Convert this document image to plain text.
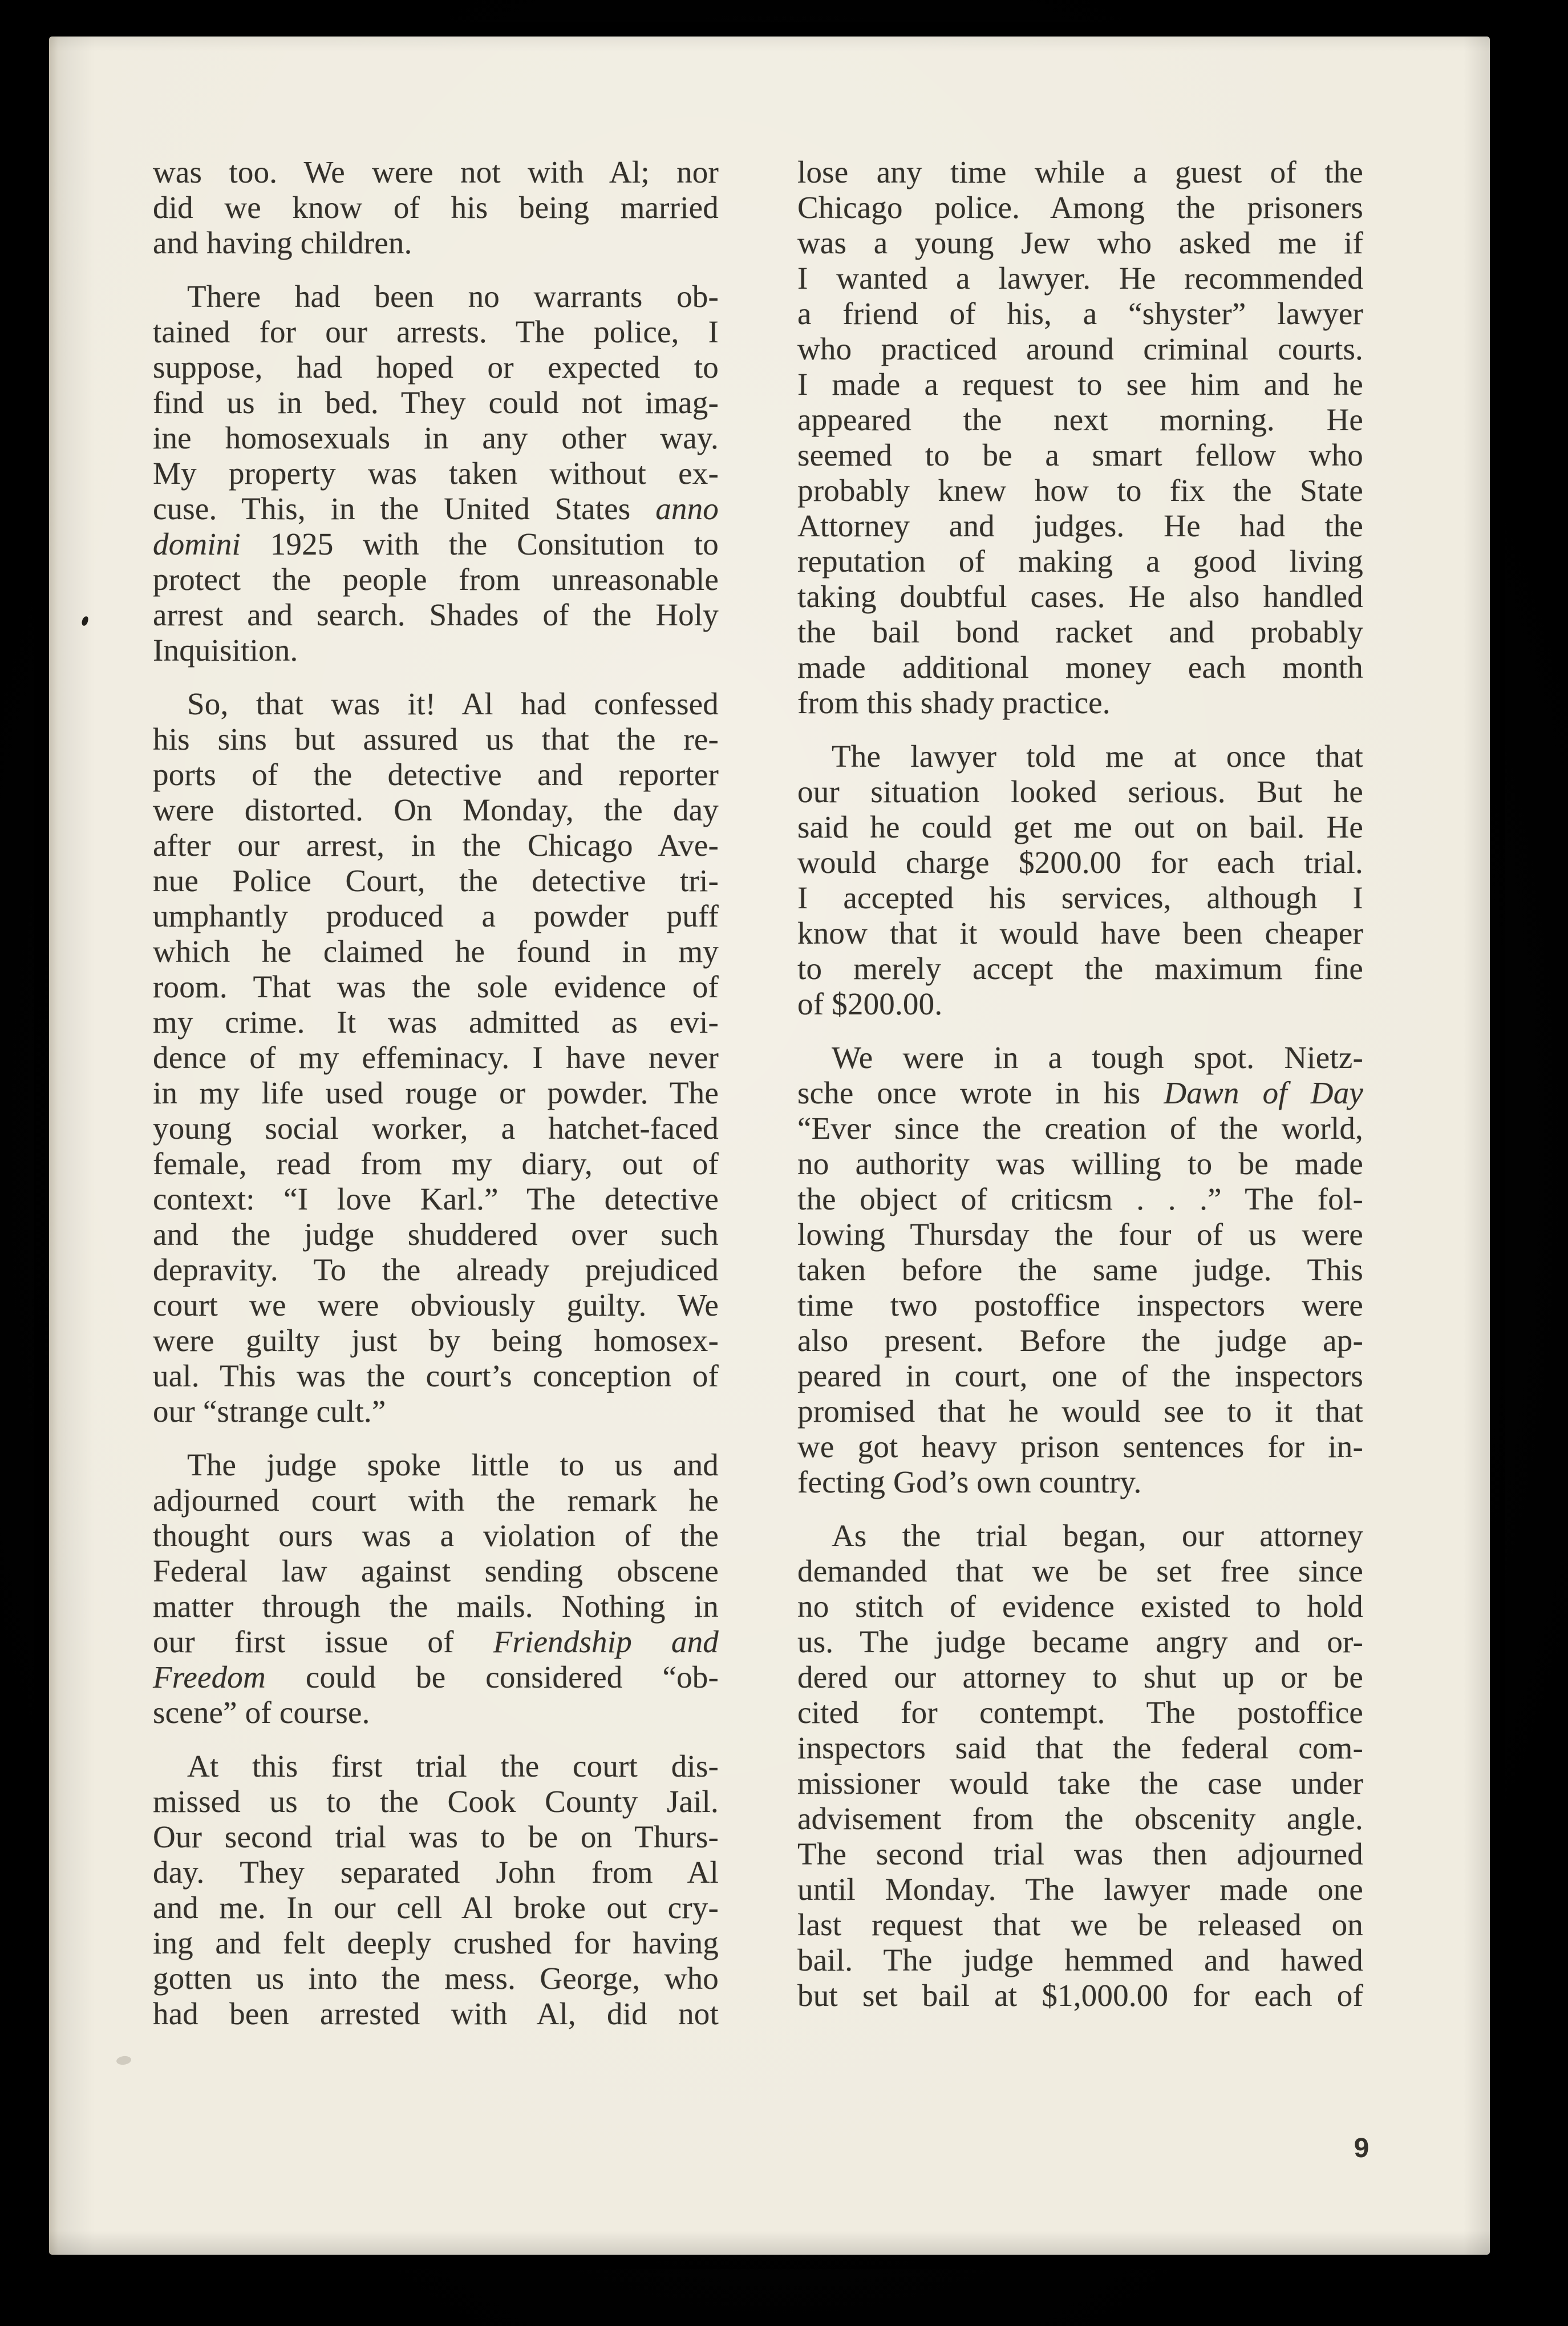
was too. We were not with Al; nor
did we know of his being married
and having children.
There had been no warrants ob-
tained for our arrests. The police, I
suppose, had hoped or expected to
find us in bed. They could not imag-
ine homosexuals in any other way.
My property was taken without ex-
cuse. This, in the United States anno
domini 1925 with the Consitution to
protect the people from unreasonable
arrest and search. Shades of the Holy
Inquisition.
So, that was it! Al had confessed
his sins but assured us that the re-
ports of the detective and reporter
were distorted. On Monday, the day
after our arrest, in the Chicago Ave-
nue Police Court, the detective tri-
umphantly produced a powder puff
which he claimed he found in my
room. That was the sole evidence of
my crime. It was admitted as evi-
dence of my effeminacy. I have never
in my life used rouge or powder. The
young social worker, a hatchet-faced
female, read from my diary, out of
context: “I love Karl.” The detective
and the judge shuddered over such
depravity. To the already prejudiced
court we were obviously guilty. We
were guilty just by being homosex-
ual. This was the court’s conception of
our “strange cult.”
The judge spoke little to us and
adjourned court with the remark he
thought ours was a violation of the
Federal law against sending obscene
matter through the mails. Nothing in
our first issue of Friendship and
Freedom could be considered “ob-
scene” of course.
At this first trial the court dis-
missed us to the Cook County Jail.
Our second trial was to be on Thurs-
day. They separated John from Al
and me. In our cell Al broke out cry-
ing and felt deeply crushed for having
gotten us into the mess. George, who
had been arrested with Al, did not
lose any time while a guest of the
Chicago police. Among the prisoners
was a young Jew who asked me if
I wanted a lawyer. He recommended
a friend of his, a “shyster” lawyer
who practiced around criminal courts.
I made a request to see him and he
appeared the next morning. He
seemed to be a smart fellow who
probably knew how to fix the State
Attorney and judges. He had the
reputation of making a good living
taking doubtful cases. He also handled
the bail bond racket and probably
made additional money each month
from this shady practice.
The lawyer told me at once that
our situation looked serious. But he
said he could get me out on bail. He
would charge $200.00 for each trial.
I accepted his services, although I
know that it would have been cheaper
to merely accept the maximum fine
of $200.00.
We were in a tough spot. Nietz-
sche once wrote in his Dawn of Day
“Ever since the creation of the world,
no authority was willing to be made
the object of criticsm . . .” The fol-
lowing Thursday the four of us were
taken before the same judge. This
time two postoffice inspectors were
also present. Before the judge ap-
peared in court, one of the inspectors
promised that he would see to it that
we got heavy prison sentences for in-
fecting God’s own country.
As the trial began, our attorney
demanded that we be set free since
no stitch of evidence existed to hold
us. The judge became angry and or-
dered our attorney to shut up or be
cited for contempt. The postoffice
inspectors said that the federal com-
missioner would take the case under
advisement from the obscenity angle.
The second trial was then adjourned
until Monday. The lawyer made one
last request that we be released on
bail. The judge hemmed and hawed
but set bail at $1,000.00 for each of
9
